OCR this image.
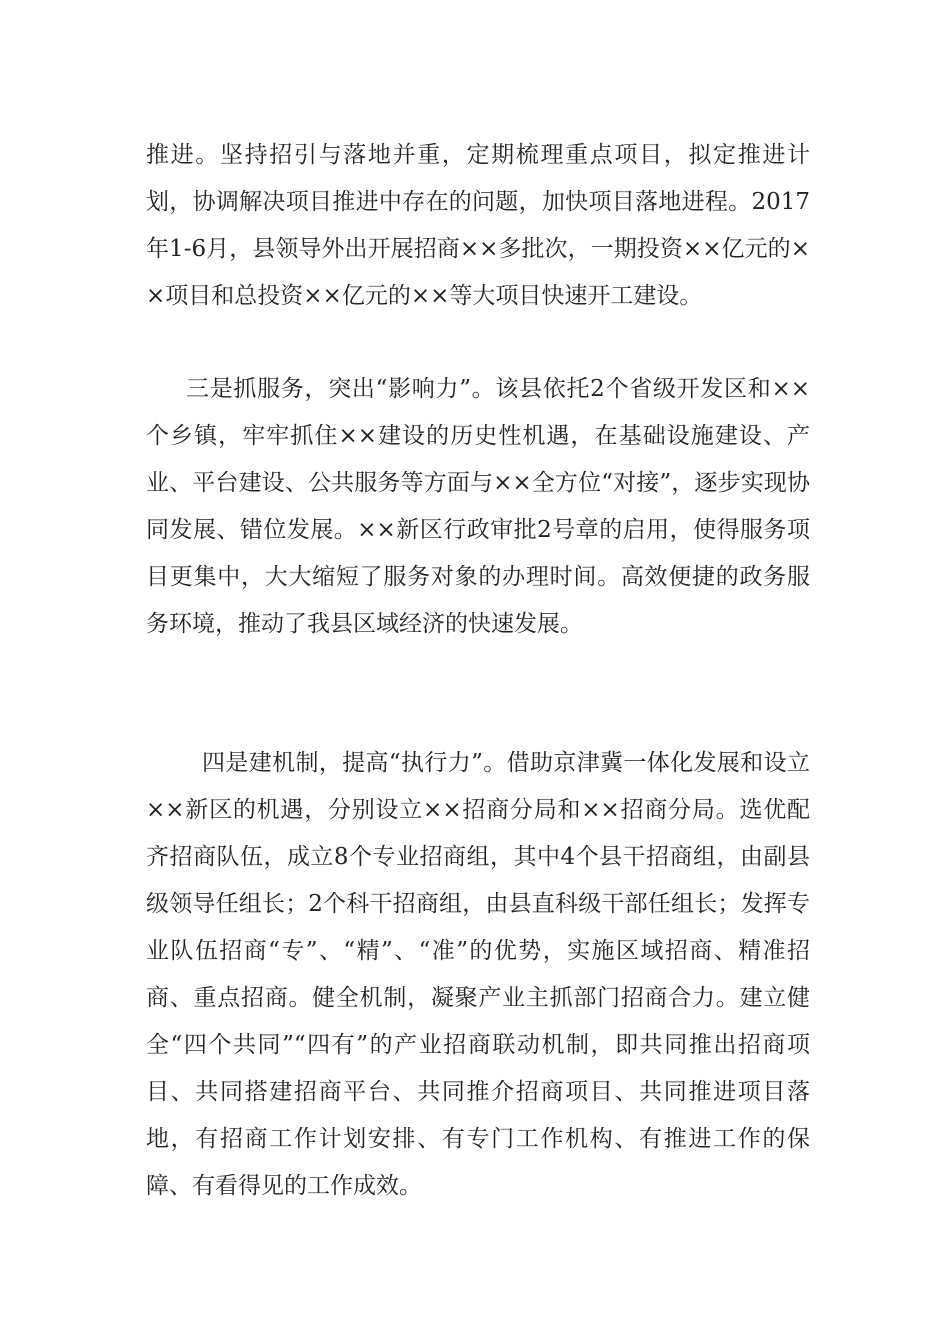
推进。坚持招引与落地并重，定期梳理重点项目，拟定推进计划，协调解决项目推进中存在的问题，加快项目落地进程。2017年1-6月，县领导外出开展招商××多批次，一期投资××亿元的××项目和总投资××亿元的××等大项目快速开工建设。

三是抓服务，突出“影响力”。该县依托2个省级开发区和××个乡镇，牢牢抓住××建设的历史性机遇，在基础设施建设、产业、平台建设、公共服务等方面与××全方位“对接”，逐步实现协同发展、错位发展。××新区行政审批2号章的启用，使得服务项目更集中，大大缩短了服务对象的办理时间。高效便捷的政务服务环境，推动了我县区域经济的快速发展。

四是建机制，提高“执行力”。借助京津冀一体化发展和设立××新区的机遇，分别设立××招商分局和××招商分局。选优配齐招商队伍，成立8个专业招商组，其中4个县干招商组，由副县级领导任组长；2个科干招商组，由县直科级干部任组长；发挥专业队伍招商“专”、“精”、“准”的优势，实施区域招商、精准招商、重点招商。健全机制，凝聚产业主抓部门招商合力。建立健全“四个共同”“四有”的产业招商联动机制，即共同推出招商项目、共同搭建招商平台、共同推介招商项目、共同推进项目落地，有招商工作计划安排、有专门工作机构、有推进工作的保障、有看得见的工作成效。
